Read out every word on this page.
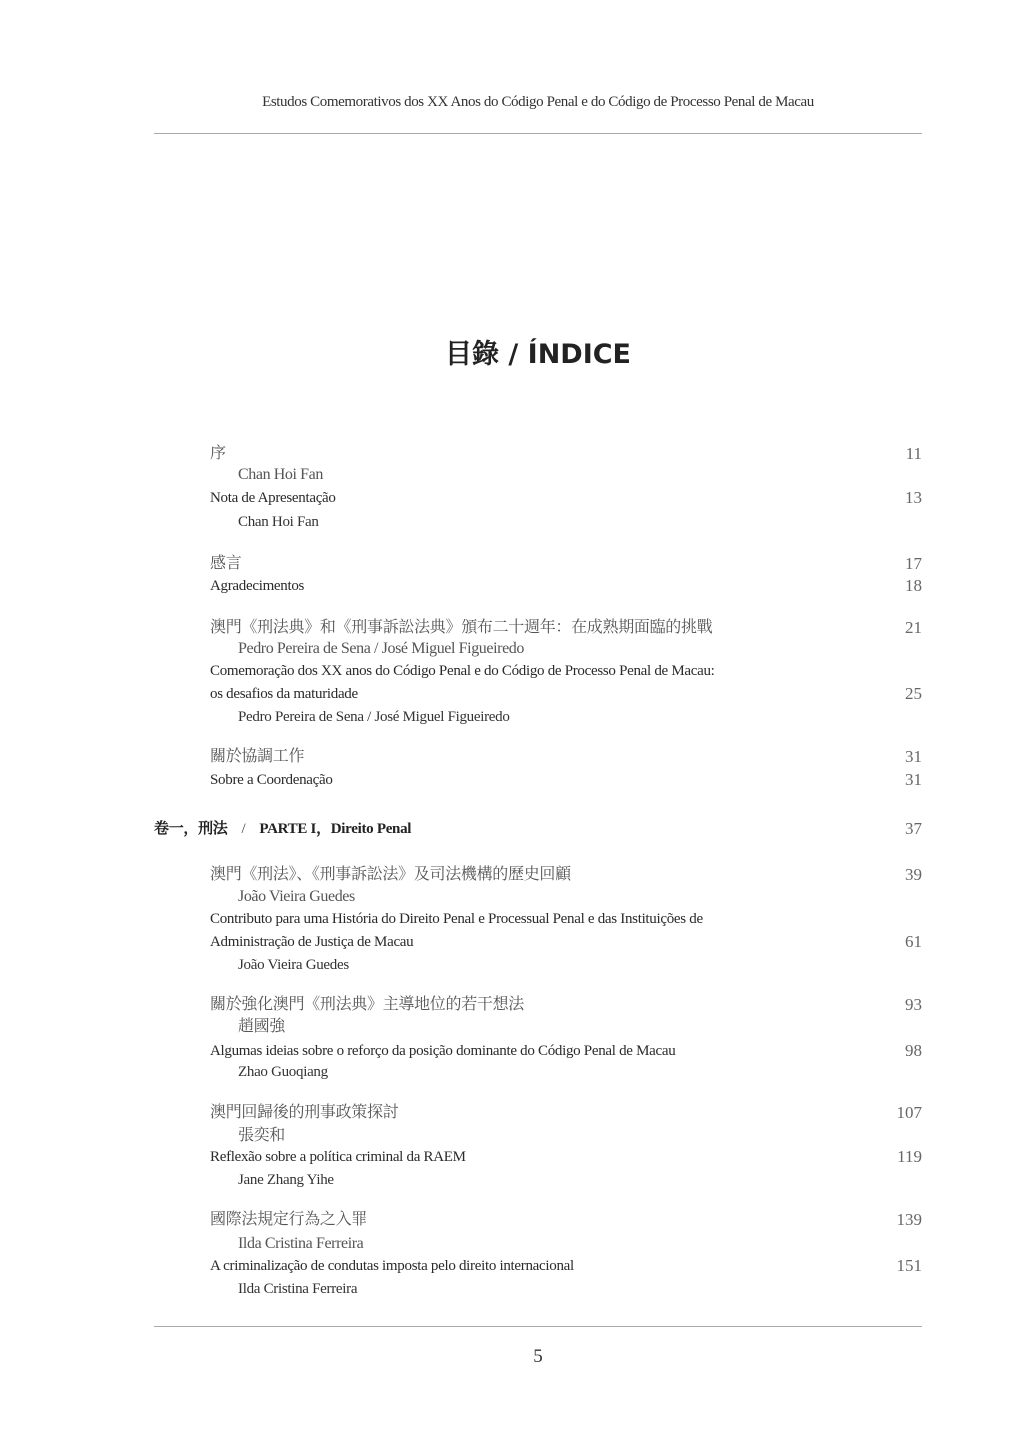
Estudos Comemorativos dos XX Anos do Código Penal e do Código de Processo Penal de Macau
目錄 / ÍNDICE
序	11
Chan Hoi Fan
Nota de Apresentação	13
Chan Hoi Fan
感言	17
Agradecimentos	18
澳門《刑法典》和《刑事訴訟法典》頒布二十週年：在成熟期面臨的挑戰	21
Pedro Pereira de Sena / José Miguel Figueiredo
Comemoração dos XX anos do Código Penal e do Código de Processo Penal de Macau:
os desafios da maturidade	25
Pedro Pereira de Sena / José Miguel Figueiredo
關於協調工作	31
Sobre a Coordenação	31
卷一，刑法 / PARTE I，Direito Penal	37
澳門《刑法》、《刑事訴訟法》及司法機構的歷史回顧	39
João Vieira Guedes
Contributo para uma História do Direito Penal e Processual Penal e das Instituições de
Administração de Justiça de Macau	61
João Vieira Guedes
關於強化澳門《刑法典》主導地位的若干想法	93
趙國強
Algumas ideias sobre o reforço da posição dominante do Código Penal de Macau	98
Zhao Guoqiang
澳門回歸後的刑事政策探討	107
張奕和
Reflexão sobre a política criminal da RAEM	119
Jane Zhang Yihe
國際法規定行為之入罪	139
Ilda Cristina Ferreira
A criminalização de condutas imposta pelo direito internacional	151
Ilda Cristina Ferreira
5
